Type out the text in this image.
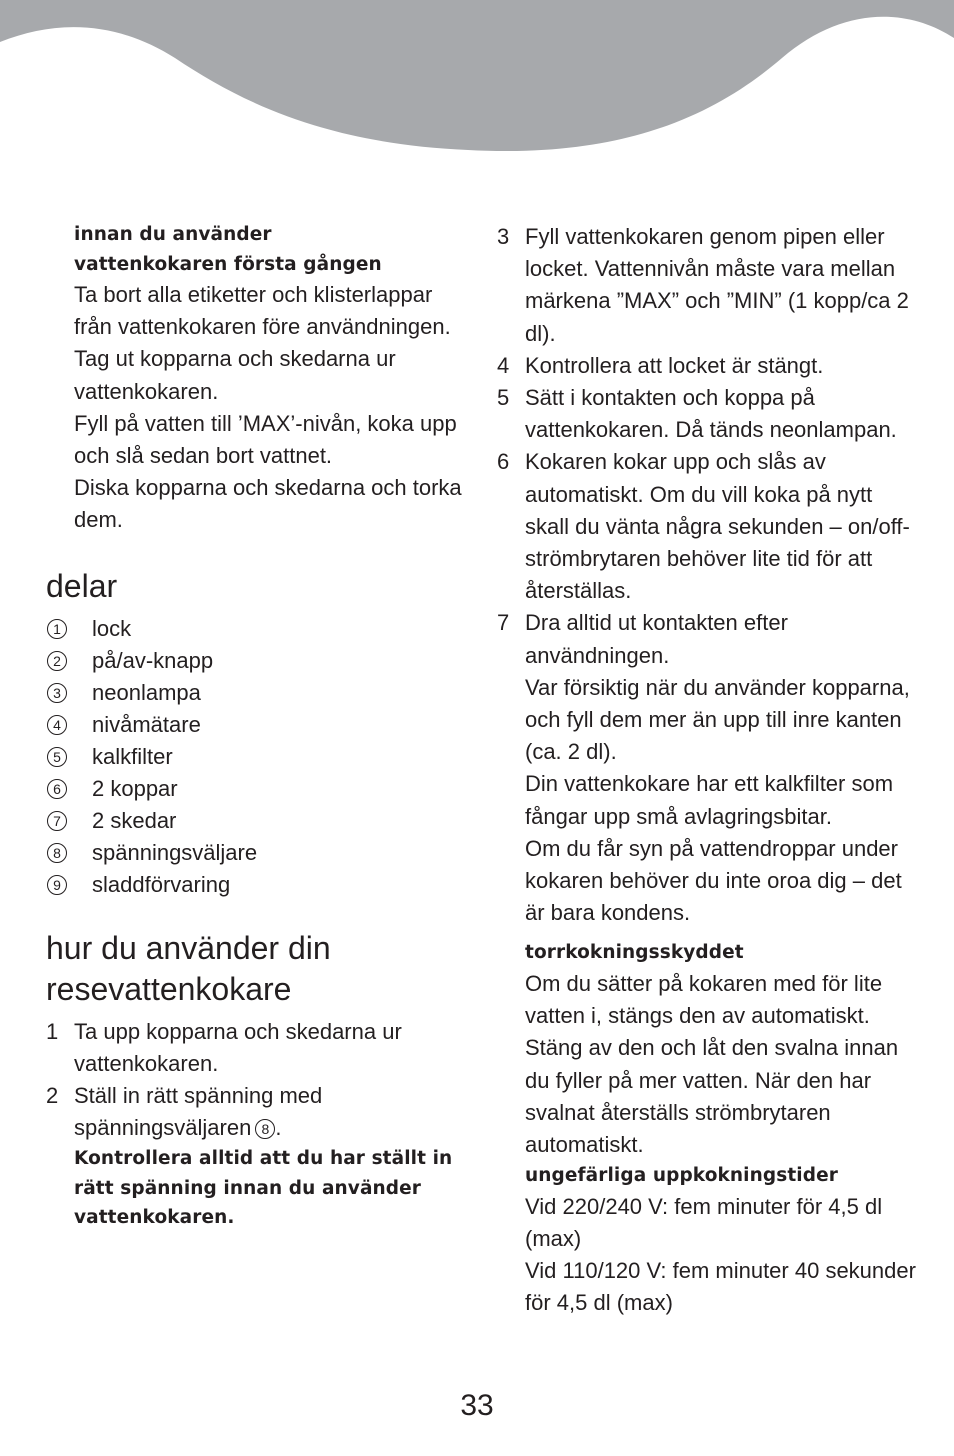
innan du använder
vattenkokaren första gången
Ta bort alla etiketter och klisterlappar från vattenkokaren före användningen.
Tag ut kopparna och skedarna ur vattenkokaren.
Fyll på vatten till ’MAX’-nivån, koka upp och slå sedan bort vattnet.
Diska kopparna och skedarna och torka dem.
delar
1 lock
2 på/av-knapp
3 neonlampa
4 nivåmätare
5 kalkfilter
6 2 koppar
7 2 skedar
8 spänningsväljare
9 sladdförvaring
hur du använder din
resevattenkokare
1 Ta upp kopparna och skedarna ur vattenkokaren.
2 Ställ in rätt spänning med spänningsväljaren 8 .
Kontrollera alltid att du har ställt in rätt spänning innan du använder vattenkokaren.
3 Fyll vattenkokaren genom pipen eller locket. Vattennivån måste vara mellan märkena ”MAX” och ”MIN” (1 kopp/ca 2 dl).
4 Kontrollera att locket är stängt.
5 Sätt i kontakten och koppa på vattenkokaren. Då tänds neonlampan.
6 Kokaren kokar upp och slås av automatiskt. Om du vill koka på nytt skall du vänta några sekunden – on/off-strömbrytaren behöver lite tid för att återställas.
7 Dra alltid ut kontakten efter användningen.
Var försiktig när du använder kopparna, och fyll dem mer än upp till inre kanten (ca. 2 dl).
Din vattenkokare har ett kalkfilter som fångar upp små avlagringsbitar.
Om du får syn på vattendroppar under kokaren behöver du inte oroa dig – det är bara kondens.
torrkokningsskyddet
Om du sätter på kokaren med för lite vatten i, stängs den av automatiskt. Stäng av den och låt den svalna innan du fyller på mer vatten. När den har svalnat återställs strömbrytaren automatiskt.
ungefärliga uppkokningstider
Vid 220/240 V: fem minuter för 4,5 dl (max)
Vid 110/120 V: fem minuter 40 sekunder för 4,5 dl (max)
33
